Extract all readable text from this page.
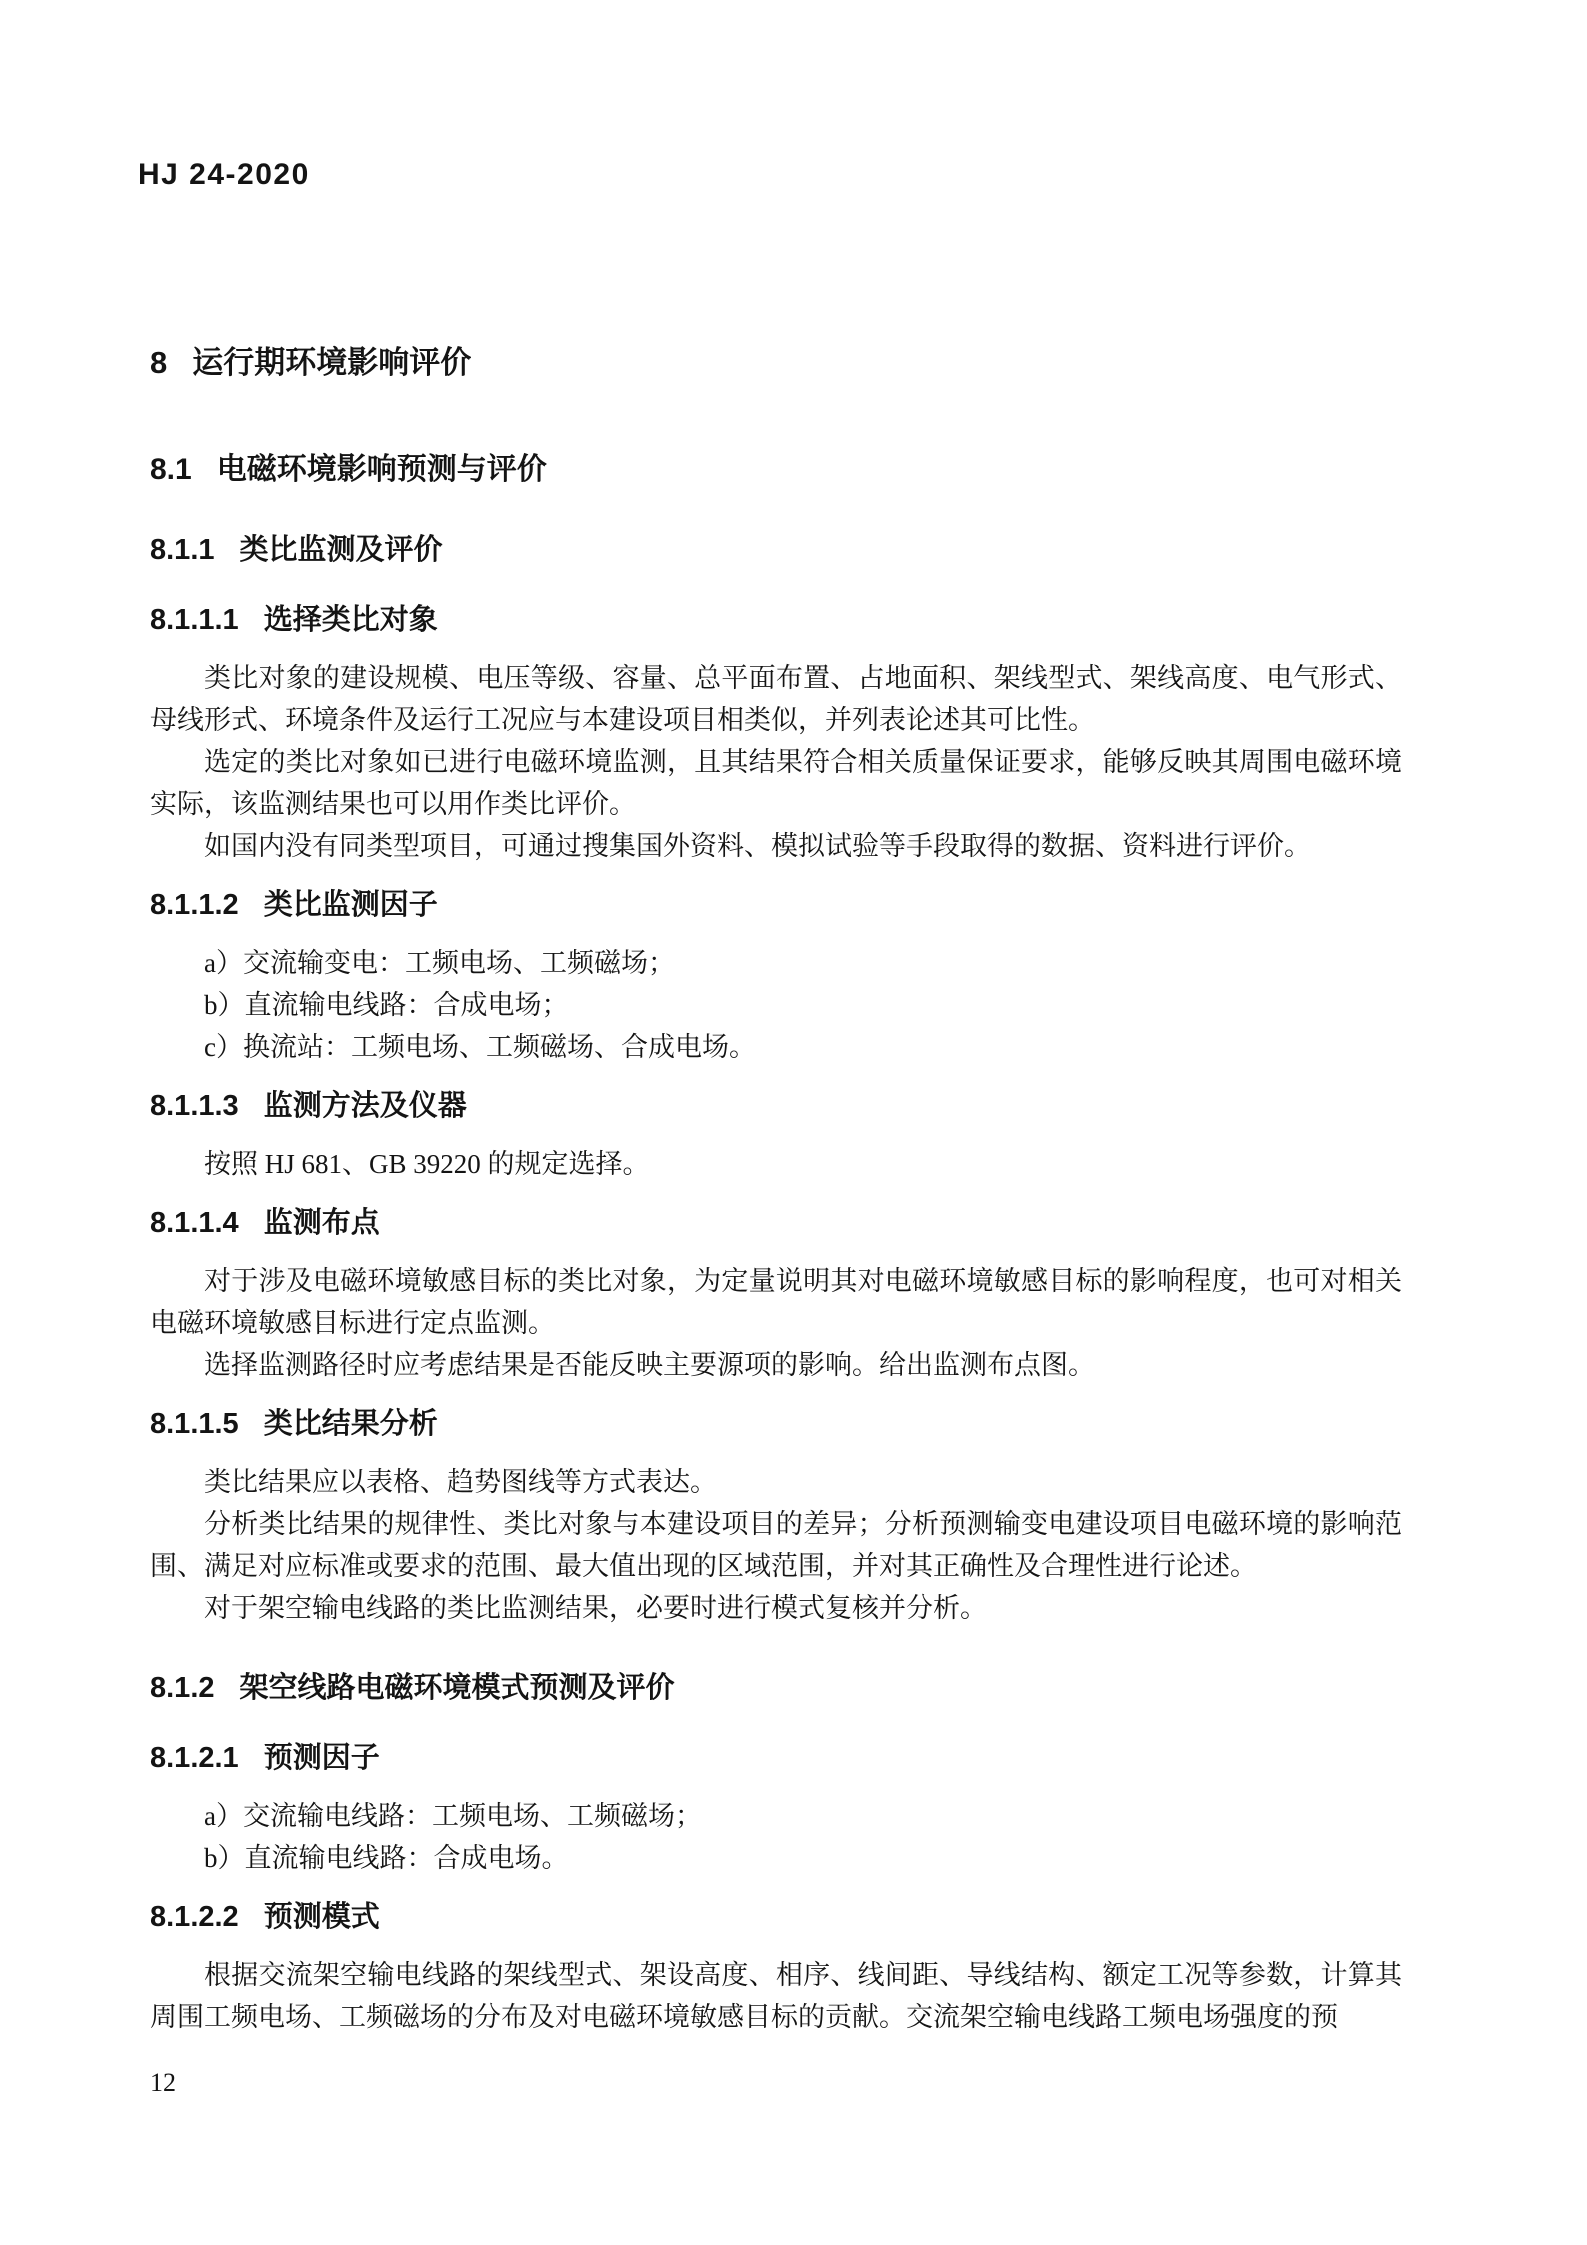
HJ 24-2020
8 运行期环境影响评价
8.1 电磁环境影响预测与评价
8.1.1 类比监测及评价
8.1.1.1 选择类比对象

类比对象的建设规模、电压等级、容量、总平面布置、占地面积、架线型式、架线高度、电气形式、母线形式、环境条件及运行工况应与本建设项目相类似，并列表论述其可比性。

选定的类比对象如已进行电磁环境监测，且其结果符合相关质量保证要求，能够反映其周围电磁环境实际，该监测结果也可以用作类比评价。

如国内没有同类型项目，可通过搜集国外资料、模拟试验等手段取得的数据、资料进行评价。

8.1.1.2 类比监测因子

a）交流输变电：工频电场、工频磁场；

b）直流输电线路：合成电场；

c）换流站：工频电场、工频磁场、合成电场。

8.1.1.3 监测方法及仪器

按照 HJ 681、GB 39220 的规定选择。

8.1.1.4 监测布点

对于涉及电磁环境敏感目标的类比对象，为定量说明其对电磁环境敏感目标的影响程度，也可对相关电磁环境敏感目标进行定点监测。

选择监测路径时应考虑结果是否能反映主要源项的影响。给出监测布点图。

8.1.1.5 类比结果分析

类比结果应以表格、趋势图线等方式表达。

分析类比结果的规律性、类比对象与本建设项目的差异；分析预测输变电建设项目电磁环境的影响范围、满足对应标准或要求的范围、最大值出现的区域范围，并对其正确性及合理性进行论述。

对于架空输电线路的类比监测结果，必要时进行模式复核并分析。

8.1.2 架空线路电磁环境模式预测及评价
8.1.2.1 预测因子

a）交流输电线路：工频电场、工频磁场；

b）直流输电线路：合成电场。

8.1.2.2 预测模式

根据交流架空输电线路的架线型式、架设高度、相序、线间距、导线结构、额定工况等参数，计算其周围工频电场、工频磁场的分布及对电磁环境敏感目标的贡献。交流架空输电线路工频电场强度的预

12
